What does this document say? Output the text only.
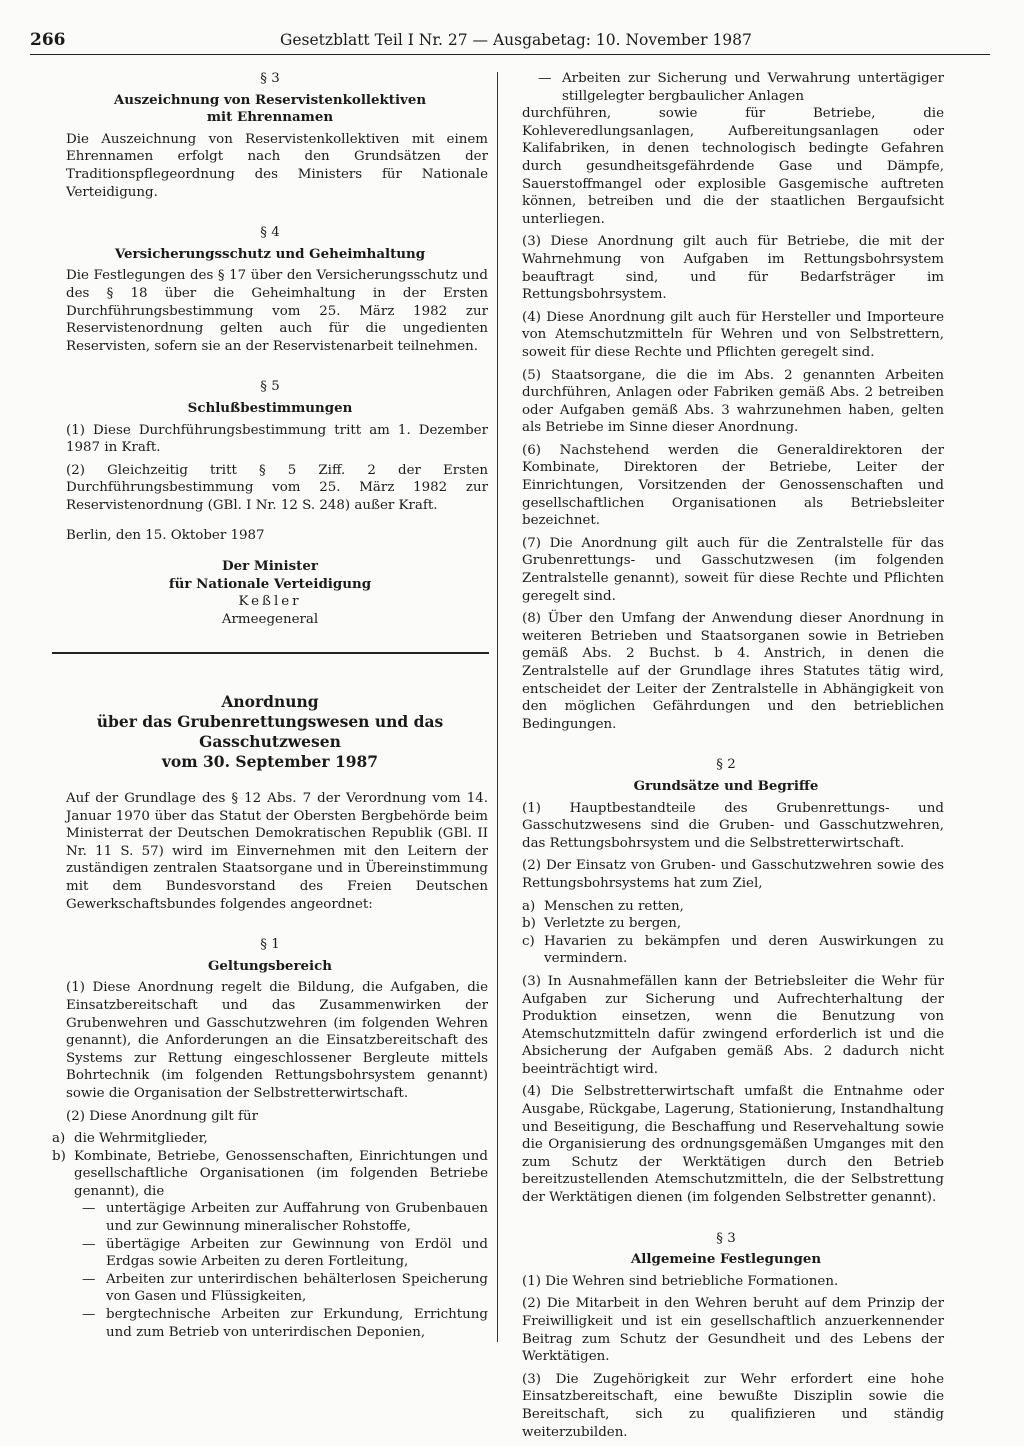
266	Gesetzblatt Teil I Nr. 27 — Ausgabetag: 10. November 1987
§ 3
Auszeichnung von Reservistenkollektiven
mit Ehrennamen

Die Auszeichnung von Reservistenkollektiven mit einem Ehrennamen erfolgt nach den Grundsätzen der Traditionspflegeordnung des Ministers für Nationale Verteidigung.

§ 4
Versicherungsschutz und Geheimhaltung

Die Festlegungen des § 17 über den Versicherungsschutz und des § 18 über die Geheimhaltung in der Ersten Durchführungsbestimmung vom 25. März 1982 zur Reservistenordnung gelten auch für die ungedienten Reservisten, sofern sie an der Reservistenarbeit teilnehmen.

§ 5
Schlußbestimmungen

(1) Diese Durchführungsbestimmung tritt am 1. Dezember 1987 in Kraft.

(2) Gleichzeitig tritt § 5 Ziff. 2 der Ersten Durchführungsbestimmung vom 25. März 1982 zur Reservistenordnung (GBl. I Nr. 12 S. 248) außer Kraft.

Berlin, den 15. Oktober 1987

Der Minister
für Nationale Verteidigung
Keßler
Armeegeneral
Anordnung
über das Grubenrettungswesen und das Gasschutzwesen
vom 30. September 1987

Auf der Grundlage des § 12 Abs. 7 der Verordnung vom 14. Januar 1970 über das Statut der Obersten Bergbehörde beim Ministerrat der Deutschen Demokratischen Republik (GBl. II Nr. 11 S. 57) wird im Einvernehmen mit den Leitern der zuständigen zentralen Staatsorgane und in Übereinstimmung mit dem Bundesvorstand des Freien Deutschen Gewerkschaftsbundes folgendes angeordnet:

§ 1
Geltungsbereich

(1) Diese Anordnung regelt die Bildung, die Aufgaben, die Einsatzbereitschaft und das Zusammenwirken der Grubenwehren und Gasschutzwehren (im folgenden Wehren genannt), die Anforderungen an die Einsatzbereitschaft des Systems zur Rettung eingeschlossener Bergleute mittels Bohrtechnik (im folgenden Rettungsbohrsystem genannt) sowie die Organisation der Selbstretterwirtschaft.

(2) Diese Anordnung gilt für

a) die Wehrmitglieder,
b) Kombinate, Betriebe, Genossenschaften, Einrichtungen und gesellschaftliche Organisationen (im folgenden Betriebe genannt), die
— untertägige Arbeiten zur Auffahrung von Grubenbauen und zur Gewinnung mineralischer Rohstoffe,
— übertägige Arbeiten zur Gewinnung von Erdöl und Erdgas sowie Arbeiten zu deren Fortleitung,
— Arbeiten zur unterirdischen behälterlosen Speicherung von Gasen und Flüssigkeiten,
— bergtechnische Arbeiten zur Erkundung, Errichtung und zum Betrieb von unterirdischen Deponien,
— Arbeiten zur Sicherung und Verwahrung untertägiger stillgelegter bergbaulicher Anlagen

durchführen, sowie für Betriebe, die Kohleveredlungsanlagen, Aufbereitungsanlagen oder Kalifabriken, in denen technologisch bedingte Gefahren durch gesundheitsgefährdende Gase und Dämpfe, Sauerstoffmangel oder explosible Gasgemische auftreten können, betreiben und die der staatlichen Bergaufsicht unterliegen.

(3) Diese Anordnung gilt auch für Betriebe, die mit der Wahrnehmung von Aufgaben im Rettungsbohrsystem beauftragt sind, und für Bedarfsträger im Rettungsbohrsystem.

(4) Diese Anordnung gilt auch für Hersteller und Importeure von Atemschutzmitteln für Wehren und von Selbstrettern, soweit für diese Rechte und Pflichten geregelt sind.

(5) Staatsorgane, die die im Abs. 2 genannten Arbeiten durchführen, Anlagen oder Fabriken gemäß Abs. 2 betreiben oder Aufgaben gemäß Abs. 3 wahrzunehmen haben, gelten als Betriebe im Sinne dieser Anordnung.

(6) Nachstehend werden die Generaldirektoren der Kombinate, Direktoren der Betriebe, Leiter der Einrichtungen, Vorsitzenden der Genossenschaften und gesellschaftlichen Organisationen als Betriebsleiter bezeichnet.

(7) Die Anordnung gilt auch für die Zentralstelle für das Grubenrettungs- und Gasschutzwesen (im folgenden Zentralstelle genannt), soweit für diese Rechte und Pflichten geregelt sind.

(8) Über den Umfang der Anwendung dieser Anordnung in weiteren Betrieben und Staatsorganen sowie in Betrieben gemäß Abs. 2 Buchst. b 4. Anstrich, in denen die Zentralstelle auf der Grundlage ihres Statutes tätig wird, entscheidet der Leiter der Zentralstelle in Abhängigkeit von den möglichen Gefährdungen und den betrieblichen Bedingungen.

§ 2
Grundsätze und Begriffe

(1) Hauptbestandteile des Grubenrettungs- und Gasschutzwesens sind die Gruben- und Gasschutzwehren, das Rettungsbohrsystem und die Selbstretterwirtschaft.

(2) Der Einsatz von Gruben- und Gasschutzwehren sowie des Rettungsbohrsystems hat zum Ziel,

a) Menschen zu retten,
b) Verletzte zu bergen,
c) Havarien zu bekämpfen und deren Auswirkungen zu vermindern.

(3) In Ausnahmefällen kann der Betriebsleiter die Wehr für Aufgaben zur Sicherung und Aufrechterhaltung der Produktion einsetzen, wenn die Benutzung von Atemschutzmitteln dafür zwingend erforderlich ist und die Absicherung der Aufgaben gemäß Abs. 2 dadurch nicht beeinträchtigt wird.

(4) Die Selbstretterwirtschaft umfaßt die Entnahme oder Ausgabe, Rückgabe, Lagerung, Stationierung, Instandhaltung und Beseitigung, die Beschaffung und Reservehaltung sowie die Organisierung des ordnungsgemäßen Umganges mit den zum Schutz der Werktätigen durch den Betrieb bereitzustellenden Atemschutzmitteln, die der Selbstrettung der Werktätigen dienen (im folgenden Selbstretter genannt).

§ 3
Allgemeine Festlegungen

(1) Die Wehren sind betriebliche Formationen.

(2) Die Mitarbeit in den Wehren beruht auf dem Prinzip der Freiwilligkeit und ist ein gesellschaftlich anzuerkennender Beitrag zum Schutz der Gesundheit und des Lebens der Werktätigen.

(3) Die Zugehörigkeit zur Wehr erfordert eine hohe Einsatzbereitschaft, eine bewußte Disziplin sowie die Bereitschaft, sich zu qualifizieren und ständig weiterzubilden.
